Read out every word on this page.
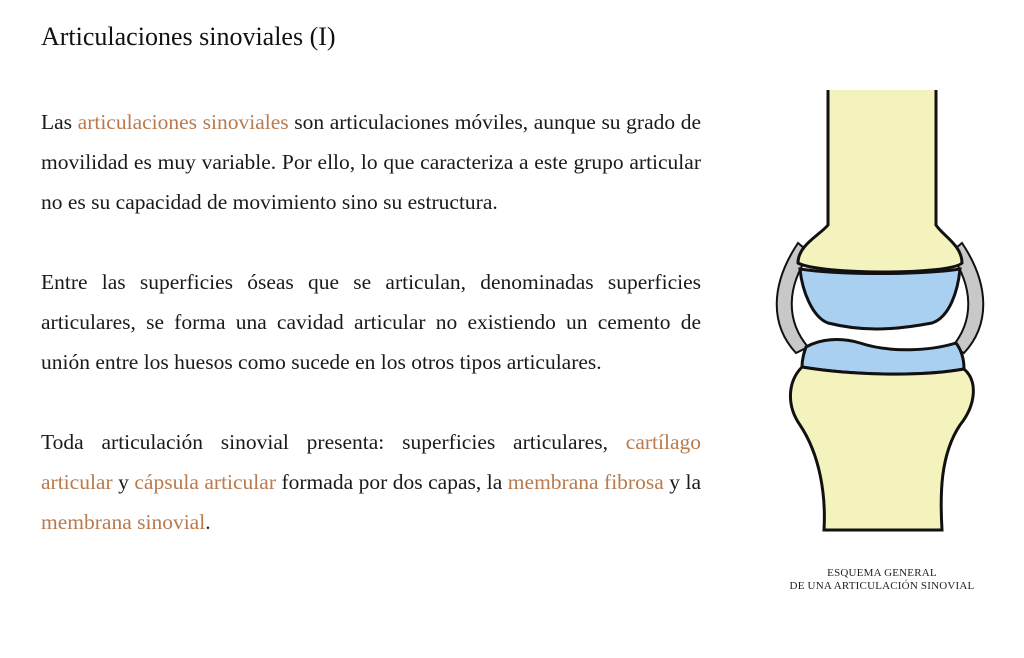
Articulaciones sinoviales (I)

Las articulaciones sinoviales son articulaciones móviles, aunque su grado de movilidad es muy variable. Por ello, lo que caracteriza a este grupo articular no es su capacidad de movimiento sino su estructura.

Entre las superficies óseas que se articulan, denominadas superficies articulares, se forma una cavidad articular no existiendo un cemento de unión entre los huesos como sucede en los otros tipos articulares.

Toda articulación sinovial presenta: superficies articulares, cartílago articular y cápsula articular formada por dos capas, la membrana fibrosa y la membrana sinovial.

ESQUEMA GENERAL
DE UNA ARTICULACIÓN SINOVIAL
